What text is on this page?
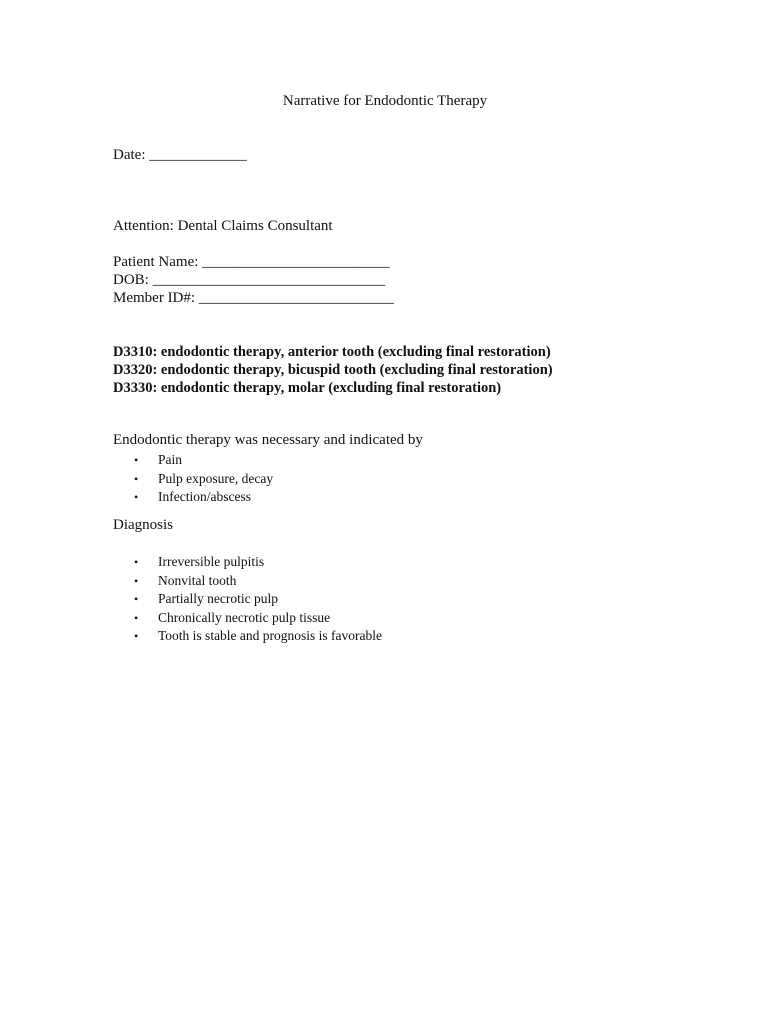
Narrative for Endodontic Therapy
Date: _____________
Attention: Dental Claims Consultant
Patient Name: _________________________
DOB: _______________________________
Member ID#: __________________________
D3310: endodontic therapy, anterior tooth (excluding final restoration)
D3320: endodontic therapy, bicuspid tooth (excluding final restoration)
D3330: endodontic therapy, molar (excluding final restoration)
Endodontic therapy was necessary and indicated by
• Pain
• Pulp exposure, decay
• Infection/abscess
Diagnosis
• Irreversible pulpitis
• Nonvital tooth
• Partially necrotic pulp
• Chronically necrotic pulp tissue
• Tooth is stable and prognosis is favorable
